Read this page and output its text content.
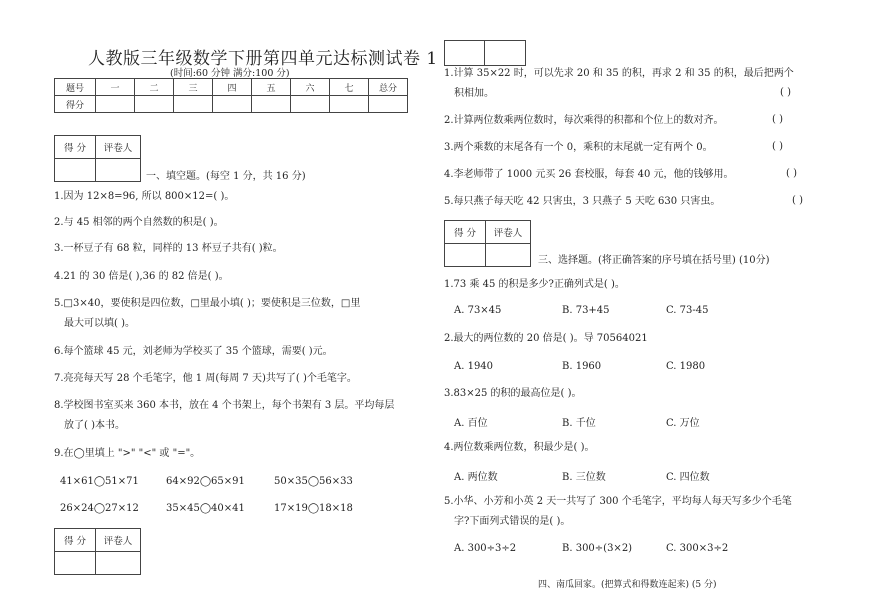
人教版三年级数学下册第四单元达标测试卷 1
(时间:60 分钟 满分:100 分)
题号	一	二	三	四	五	六	七	总分
得分								
得 分	评卷人

一、填空题。(每空 1 分，共 16 分)
1.因为 12×8=96, 所以 800×12=( )。
2.与 45 相邻的两个自然数的积是( )。
3.一杯豆子有 68 粒，同样的 13 杯豆子共有( )粒。
4.21 的 30 倍是( ),36 的 82 倍是( )。
5.□3×40，要使积是四位数，□里最小填( )；要使积是三位数，□里
最大可以填( )。
6.每个篮球 45 元，刘老师为学校买了 35 个篮球，需要( )元。
7.亮亮每天写 28 个毛笔字，他 1 周(每周 7 天)共写了( )个毛笔字。
8.学校图书室买来 360 本书，放在 4 个书架上，每个书架有 3 层。平均每层
放了( )本书。
9.在◯里填上 ">" "<" 或 "="。
41×61◯51×71	64×92◯65×91	50×35◯56×33
26×24◯27×12	35×45◯40×41	17×19◯18×18
得 分	评卷人

1.计算 35×22 时，可以先求 20 和 35 的积，再求 2 和 35 的积，最后把两个
积相加。	( )
2.计算两位数乘两位数时，每次乘得的积都和个位上的数对齐。	( )
3.两个乘数的末尾各有一个 0，乘积的末尾就一定有两个 0。	( )
4.李老师带了 1000 元买 26 套校服，每套 40 元，他的钱够用。	( )
5.每只燕子每天吃 42 只害虫，3 只燕子 5 天吃 630 只害虫。	( )
得 分	评卷人

三、选择题。(将正确答案的序号填在括号里) (10分)
1.73 乘 45 的积是多少?正确列式是( )。
A. 73×45	B. 73+45	C. 73-45
2.最大的两位数的 20 倍是( )。导 70564021
A. 1940	B. 1960	C. 1980
3.83×25 的积的最高位是( )。
A. 百位	B. 千位	C. 万位
4.两位数乘两位数，积最少是( )。
A. 两位数	B. 三位数	C. 四位数
5.小华、小芳和小英 2 天一共写了 300 个毛笔字，平均每人每天写多少个毛笔
字?下面列式错误的是( )。
A. 300÷3÷2	B. 300÷(3×2)	C. 300×3÷2
四、南瓜回家。(把算式和得数连起来) (5 分)
